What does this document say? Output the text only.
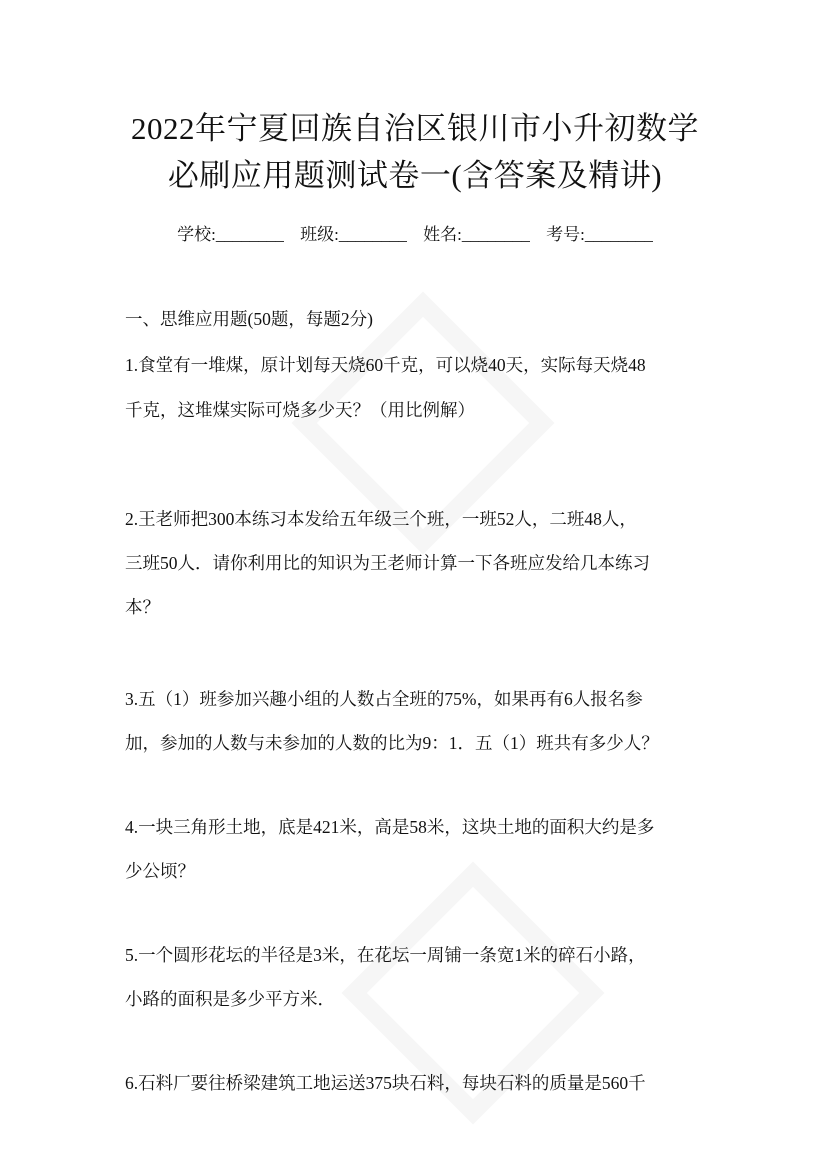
2022年宁夏回族自治区银川市小升初数学
必刷应用题测试卷一(含答案及精讲)
学校:________ 班级:________ 姓名:________ 考号:________
一、思维应用题(50题，每题2分)
1.食堂有一堆煤，原计划每天烧60千克，可以烧40天，实际每天烧48
千克，这堆煤实际可烧多少天？（用比例解）
2.王老师把300本练习本发给五年级三个班，一班52人，二班48人，
三班50人．请你利用比的知识为王老师计算一下各班应发给几本练习
本？
3.五（1）班参加兴趣小组的人数占全班的75%，如果再有6人报名参
加，参加的人数与未参加的人数的比为9：1．五（1）班共有多少人？
4.一块三角形土地，底是421米，高是58米，这块土地的面积大约是多
少公顷？
5.一个圆形花坛的半径是3米，在花坛一周铺一条宽1米的碎石小路，
小路的面积是多少平方米．
6.石料厂要往桥梁建筑工地运送375块石料，每块石料的质量是560千
